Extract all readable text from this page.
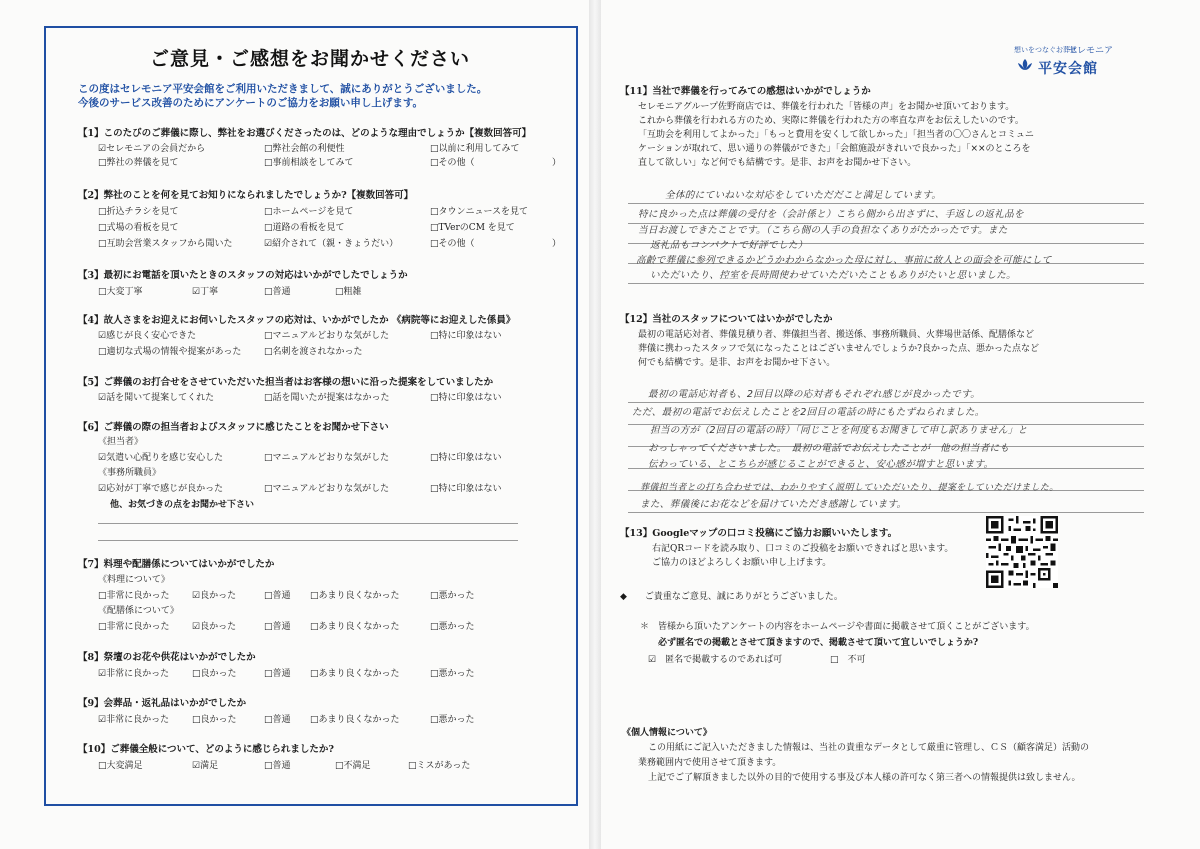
ご意見・ご感想をお聞かせください
この度はセレモニア平安会館をご利用いただきまして、誠にありがとうございました。
今後のサービス改善のためにアンケートのご協力をお願い申し上げます。
【1】このたびのご葬儀に際し、弊社をお選びくださったのは、どのような理由でしょうか【複数回答可】
☑セレモニアの会員だから	□弊社会館の利便性	□以前に利用してみて
□弊社の葬儀を見て	□事前相談をしてみて	□その他（	）
【2】弊社のことを何を見てお知りになられましたでしょうか?【複数回答可】
□折込チラシを見て	□ホームページを見て	□タウンニュースを見て
□式場の看板を見て	□道路の看板を見て	□TVerのCM を見て
□互助会営業スタッフから聞いた	☑紹介されて（親・きょうだい）	□その他（	）
【3】最初にお電話を頂いたときのスタッフの対応はいかがでしたでしょうか
□大変丁寧	☑丁寧	□普通	□粗雑
【4】故人さまをお迎えにお伺いしたスタッフの応対は、いかがでしたか 《病院等にお迎えした係員》
☑感じが良く安心できた	□マニュアルどおりな気がした	□特に印象はない
□適切な式場の情報や提案があった	□名刺を渡されなかった
【5】ご葬儀のお打合せをさせていただいた担当者はお客様の想いに沿った提案をしていましたか
☑話を聞いて提案してくれた	□話を聞いたが提案はなかった	□特に印象はない
【6】ご葬儀の際の担当者およびスタッフに感じたことをお聞かせ下さい
《担当者》
☑気遣い心配りを感じ安心した	□マニュアルどおりな気がした	□特に印象はない
《事務所職員》
☑応対が丁寧で感じが良かった	□マニュアルどおりな気がした	□特に印象はない
他、お気づきの点をお聞かせ下さい
【7】料理や配膳係についてはいかがでしたか
《料理について》
□非常に良かった ☑良かった	□普通 □あまり良くなかった	□悪かった
《配膳係について》
□非常に良かった ☑良かった	□普通 □あまり良くなかった	□悪かった
【8】祭壇のお花や供花はいかがでしたか
☑非常に良かった	□良かった	□普通 □あまり良くなかった	□悪かった
【9】会葬品・返礼品はいかがでしたか
☑非常に良かった	□良かった	□普通 □あまり良くなかった	□悪かった
【10】ご葬儀全般について、どのように感じられましたか?
□大変満足	☑満足	□普通	□不満足	□ミスがあった
想いをつなぐお葬式
セレモニア
平安会館
【11】当社で葬儀を行ってみての感想はいかがでしょうか
セレモニアグループ佐野商店では、葬儀を行われた「皆様の声」をお聞かせ頂いております。
これから葬儀を行われる方のため、実際に葬儀を行われた方の率直な声をお伝えしたいのです。
「互助会を利用してよかった」「もっと費用を安くして欲しかった」「担当者の〇〇さんとコミュニ
ケーションが取れて、思い通りの葬儀ができた」「会館施設がきれいで良かった」「××のところを
直して欲しい」など何でも結構です。是非、お声をお聞かせ下さい。
全体的にていねいな対応をしていただだこと満足しています。
特に良かった点は葬儀の受付を（会計係と）こちら側から出さずに、手返しの返礼品を
当日お渡しできたことです。（こちら側の人手の負担なくありがたかったです。また
返礼品もコンパクトで好評でした）
高齢で葬儀に参列できるかどうかわからなかった母に対し、事前に故人との面会を可能にして
いただいたり、控室を長時間使わせていただいたこともありがたいと思いました。
【12】当社のスタッフについてはいかがでしたか
最初の電話応対者、葬儀見積り者、葬儀担当者、搬送係、事務所職員、火葬場世話係、配膳係など
葬儀に携わったスタッフで気になったことはございませんでしょうか?良かった点、悪かった点など
何でも結構です。是非、お声をお聞かせ下さい。
最初の電話応対者も、2回目以降の応対者もそれぞれ感じが良かったです。
ただ、最初の電話でお伝えしたことを2回目の電話の時にもたずねられました。
担当の方が（2回目の電話の時）「同じことを何度もお聞きして申し訳ありません」と
おっしゃってくださいました。　最初の電話でお伝えしたことが　他の担当者にも
伝わっている、とこちらが感じることができると、安心感が増すと思います。
葬儀担当者との打ち合わせでは、わかりやすく説明していただいたり、提案をしていただけました。
また、葬儀後にお花などを届けていただき感謝しています。
【13】Googleマップの口コミ投稿にご協力お願いいたします。
右記QRコードを読み取り、口コミのご投稿をお願いできればと思います。
ご協力のほどよろしくお願い申し上げます。
◆　　ご貴重なご意見、誠にありがとうございました。
＊　皆様から頂いたアンケートの内容をホームページや書面に掲載させて頂くことがございます。
必ず匿名での掲載とさせて頂きますので、掲載させて頂いて宜しいでしょうか?
☑　匿名で掲載するのであれば可	□　不可
《個人情報について》
この用紙にご記入いただきました情報は、当社の貴重なデータとして厳重に管理し、ＣＳ（顧客満足）活動の
業務範囲内で使用させて頂きます。
上記でご了解頂きました以外の目的で使用する事及び本人様の許可なく第三者への情報提供は致しません。
